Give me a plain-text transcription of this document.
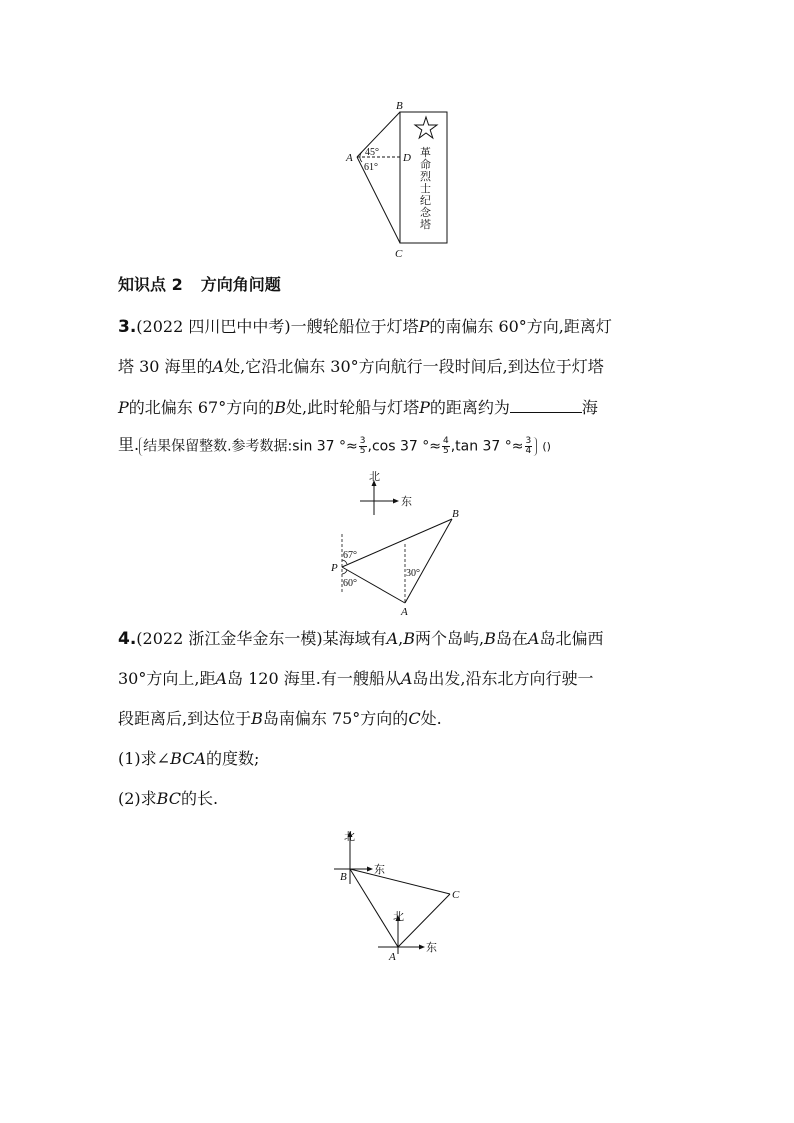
B
A	D
C
45°
61°
革
命
烈
士
纪
念
塔
知识点 2 方向角问题
3.(2022 四川巴中中考)一艘轮船位于灯塔P的南偏东 60°方向,距离灯
塔 30 海里的A处,它沿北偏东 30°方向航行一段时间后,到达位于灯塔
P的北偏东 67°方向的B处,此时轮船与灯塔P的距离约为	海
里. 结果保留整数.参考数据:sin 37 °≈ $\frac{3}{5} ,\cos$ 37 °≈ $\frac{4}{5} ,\tan$ 37 °≈ $\frac{3}{4}$ ()
北
东
P
B
A
67°
60°
30°
4.(2022 浙江金华金东一模)某海域有A,B两个岛屿,B岛在A岛北偏西
30°方向上,距A岛 120 海里.有一艘船从A岛出发,沿东北方向行驶一
段距离后,到达位于B岛南偏东 75°方向的C处.
(1)求∠BCA的度数;
(2)求BC的长.
北
东
北
东
B
A
C
